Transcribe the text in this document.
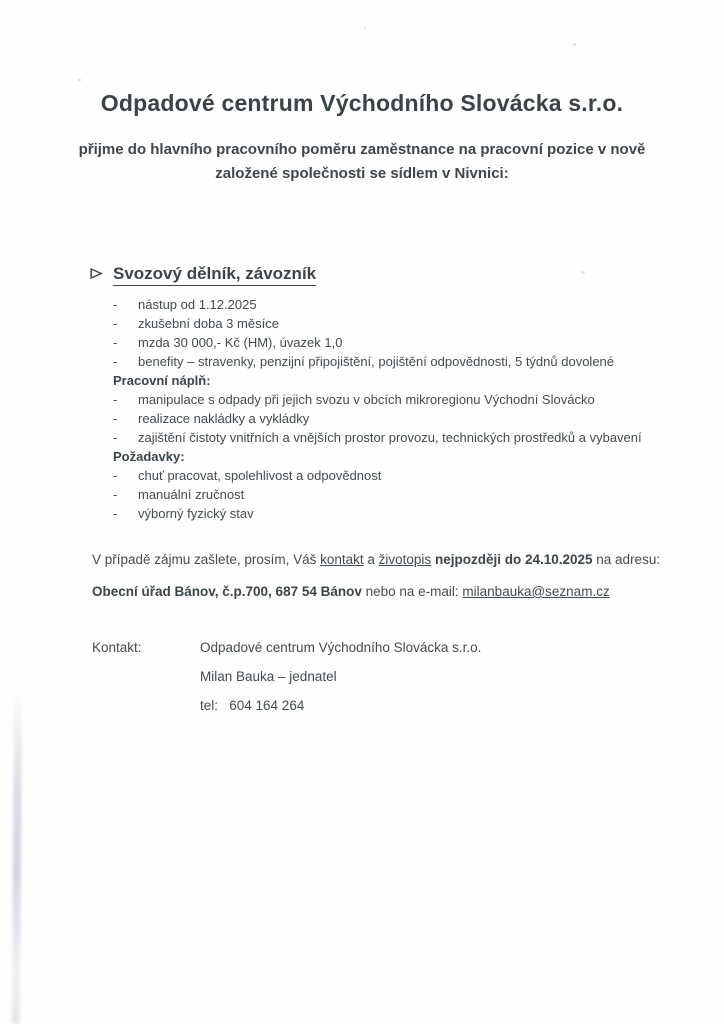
Odpadové centrum Východního Slovácka s.r.o.
přijme do hlavního pracovního poměru zaměstnance na pracovní pozice v nově
založené společnosti se sídlem v Nivnici:
Svozový dělník, závozník
-	nástup od 1.12.2025
-	zkušební doba 3 měsíce
-	mzda 30 000,- Kč (HM), úvazek 1,0
-	benefity – stravenky, penzijní připojištění, pojištění odpovědnosti, 5 týdnů dovolené
Pracovní náplň:
-	manipulace s odpady při jejich svozu v obcích mikroregionu Východní Slovácko
-	realizace nakládky a vykládky
-	zajištění čistoty vnitřních a vnějších prostor provozu, technických prostředků a vybavení
Požadavky:
-	chuť pracovat, spolehlivost a odpovědnost
-	manuální zručnost
-	výborný fyzický stav
V případě zájmu zašlete, prosím, Váš kontakt a životopis nejpozději do 24.10.2025 na adresu:
Obecní úřad Bánov, č.p.700, 687 54 Bánov nebo na e-mail: milanbauka@seznam.cz
Kontakt:	Odpadové centrum Východního Slovácka s.r.o.
Milan Bauka – jednatel
tel:   604 164 264
